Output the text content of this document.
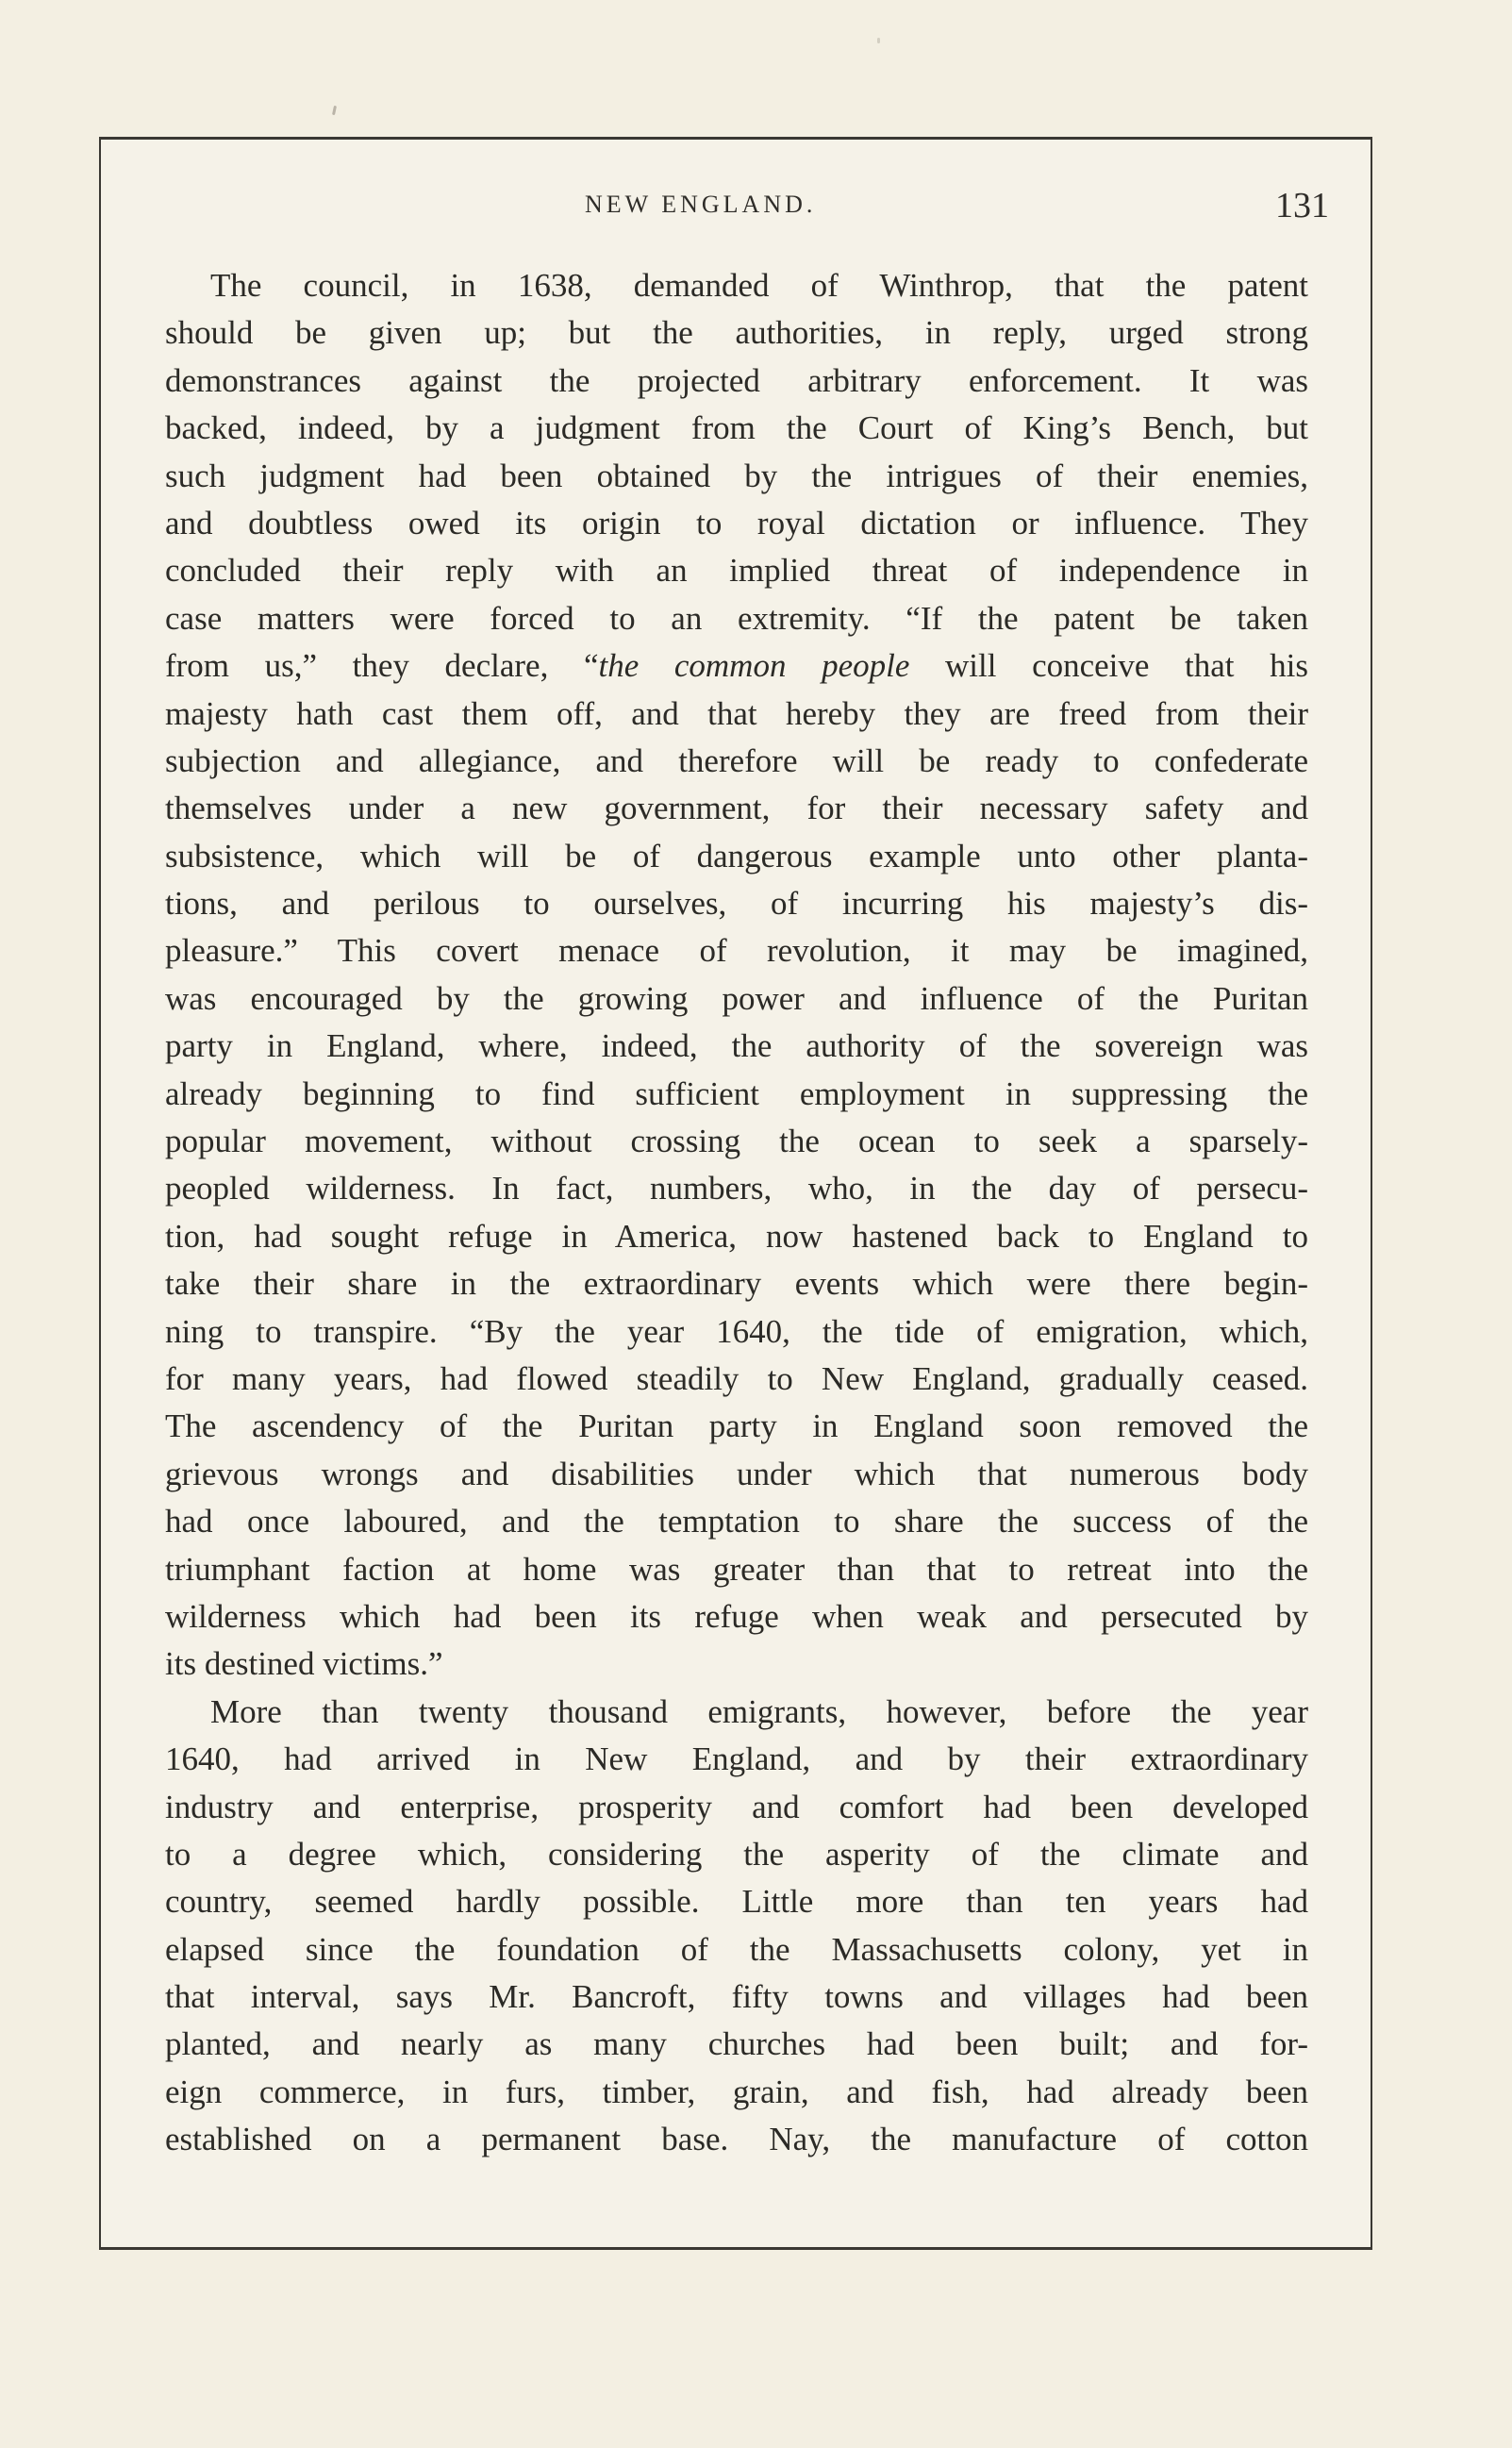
NEW ENGLAND.	131
The council, in 1638, demanded of Winthrop, that the patent
should be given up; but the authorities, in reply, urged strong
demonstrances against the projected arbitrary enforcement. It was
backed, indeed, by a judgment from the Court of King’s Bench, but
such judgment had been obtained by the intrigues of their enemies,
and doubtless owed its origin to royal dictation or influence. They
concluded their reply with an implied threat of independence in
case matters were forced to an extremity. “If the patent be taken
from us,” they declare, “the common people will conceive that his
majesty hath cast them off, and that hereby they are freed from their
subjection and allegiance, and therefore will be ready to confederate
themselves under a new government, for their necessary safety and
subsistence, which will be of dangerous example unto other planta-
tions, and perilous to ourselves, of incurring his majesty’s dis-
pleasure.” This covert menace of revolution, it may be imagined,
was encouraged by the growing power and influence of the Puritan
party in England, where, indeed, the authority of the sovereign was
already beginning to find sufficient employment in suppressing the
popular movement, without crossing the ocean to seek a sparsely-
peopled wilderness. In fact, numbers, who, in the day of persecu-
tion, had sought refuge in America, now hastened back to England to
take their share in the extraordinary events which were there begin-
ning to transpire. “By the year 1640, the tide of emigration, which,
for many years, had flowed steadily to New England, gradually ceased.
The ascendency of the Puritan party in England soon removed the
grievous wrongs and disabilities under which that numerous body
had once laboured, and the temptation to share the success of the
triumphant faction at home was greater than that to retreat into the
wilderness which had been its refuge when weak and persecuted by
its destined victims.”
More than twenty thousand emigrants, however, before the year
1640, had arrived in New England, and by their extraordinary
industry and enterprise, prosperity and comfort had been developed
to a degree which, considering the asperity of the climate and
country, seemed hardly possible. Little more than ten years had
elapsed since the foundation of the Massachusetts colony, yet in
that interval, says Mr. Bancroft, fifty towns and villages had been
planted, and nearly as many churches had been built; and for-
eign commerce, in furs, timber, grain, and fish, had already been
established on a permanent base. Nay, the manufacture of cotton
